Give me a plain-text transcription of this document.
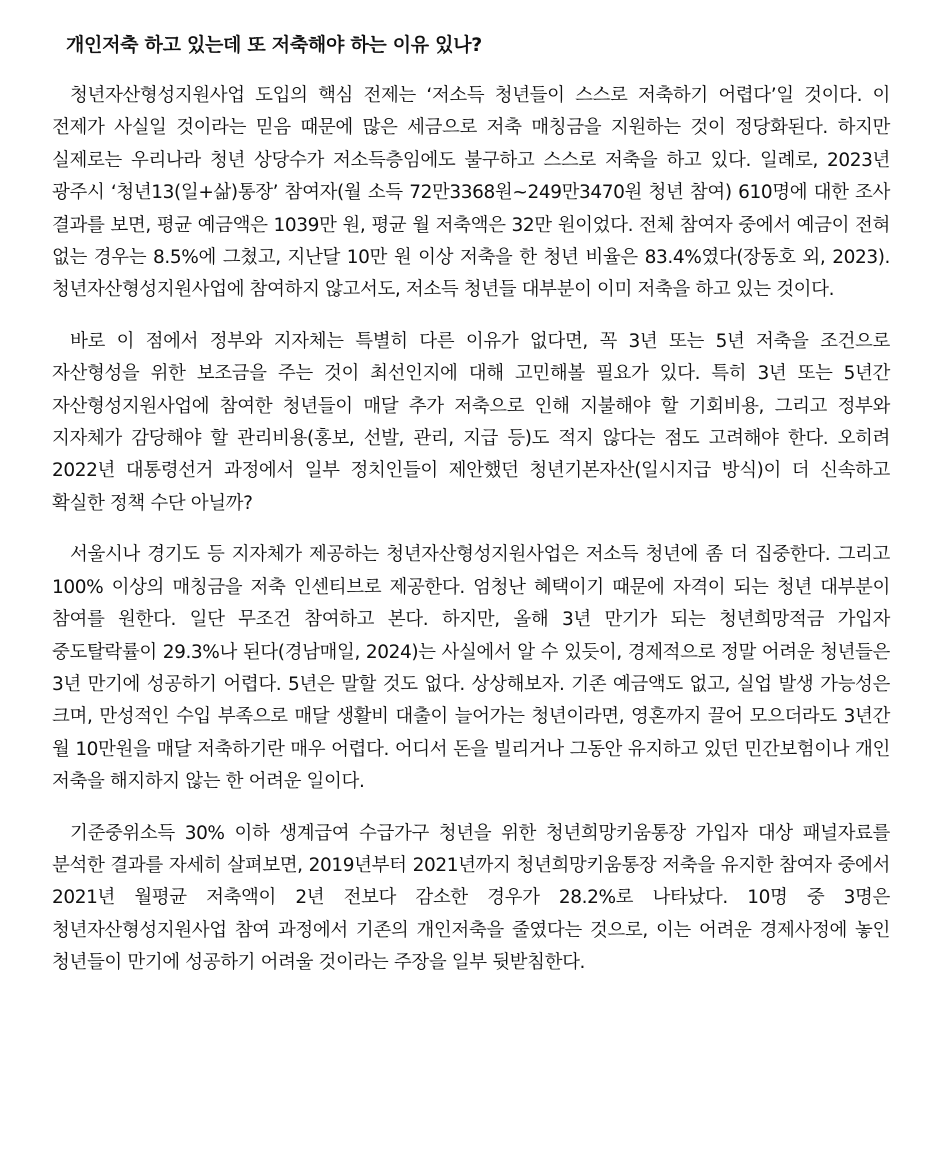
개인저축 하고 있는데 또 저축해야 하는 이유 있나?

청년자산형성지원사업 도입의 핵심 전제는 ‘저소득 청년들이 스스로 저축하기 어렵다’일 것이다. 이 전제가 사실일 것이라는 믿음 때문에 많은 세금으로 저축 매칭금을 지원하는 것이 정당화된다. 하지만 실제로는 우리나라 청년 상당수가 저소득층임에도 불구하고 스스로 저축을 하고 있다. 일례로, 2023년 광주시 ‘청년13(일+삶)통장’ 참여자(월 소득 72만3368원~249만3470원 청년 참여) 610명에 대한 조사 결과를 보면, 평균 예금액은 1039만 원, 평균 월 저축액은 32만 원이었다. 전체 참여자 중에서 예금이 전혀 없는 경우는 8.5%에 그쳤고, 지난달 10만 원 이상 저축을 한 청년 비율은 83.4%였다(장동호 외, 2023). 청년자산형성지원사업에 참여하지 않고서도, 저소득 청년들 대부분이 이미 저축을 하고 있는 것이다.

바로 이 점에서 정부와 지자체는 특별히 다른 이유가 없다면, 꼭 3년 또는 5년 저축을 조건으로 자산형성을 위한 보조금을 주는 것이 최선인지에 대해 고민해볼 필요가 있다. 특히 3년 또는 5년간 자산형성지원사업에 참여한 청년들이 매달 추가 저축으로 인해 지불해야 할 기회비용, 그리고 정부와 지자체가 감당해야 할 관리비용(홍보, 선발, 관리, 지급 등)도 적지 않다는 점도 고려해야 한다. 오히려 2022년 대통령선거 과정에서 일부 정치인들이 제안했던 청년기본자산(일시지급 방식)이 더 신속하고 확실한 정책 수단 아닐까?

서울시나 경기도 등 지자체가 제공하는 청년자산형성지원사업은 저소득 청년에 좀 더 집중한다. 그리고 100% 이상의 매칭금을 저축 인센티브로 제공한다. 엄청난 혜택이기 때문에 자격이 되는 청년 대부분이 참여를 원한다. 일단 무조건 참여하고 본다. 하지만, 올해 3년 만기가 되는 청년희망적금 가입자 중도탈락률이 29.3%나 된다(경남매일, 2024)는 사실에서 알 수 있듯이, 경제적으로 정말 어려운 청년들은 3년 만기에 성공하기 어렵다. 5년은 말할 것도 없다. 상상해보자. 기존 예금액도 없고, 실업 발생 가능성은 크며, 만성적인 수입 부족으로 매달 생활비 대출이 늘어가는 청년이라면, 영혼까지 끌어 모으더라도 3년간 월 10만원을 매달 저축하기란 매우 어렵다. 어디서 돈을 빌리거나 그동안 유지하고 있던 민간보험이나 개인 저축을 해지하지 않는 한 어려운 일이다.

기준중위소득 30% 이하 생계급여 수급가구 청년을 위한 청년희망키움통장 가입자 대상 패널자료를 분석한 결과를 자세히 살펴보면, 2019년부터 2021년까지 청년희망키움통장 저축을 유지한 참여자 중에서 2021년 월평균 저축액이 2년 전보다 감소한 경우가 28.2%로 나타났다. 10명 중 3명은 청년자산형성지원사업 참여 과정에서 기존의 개인저축을 줄였다는 것으로, 이는 어려운 경제사정에 놓인 청년들이 만기에 성공하기 어려울 것이라는 주장을 일부 뒷받침한다.
